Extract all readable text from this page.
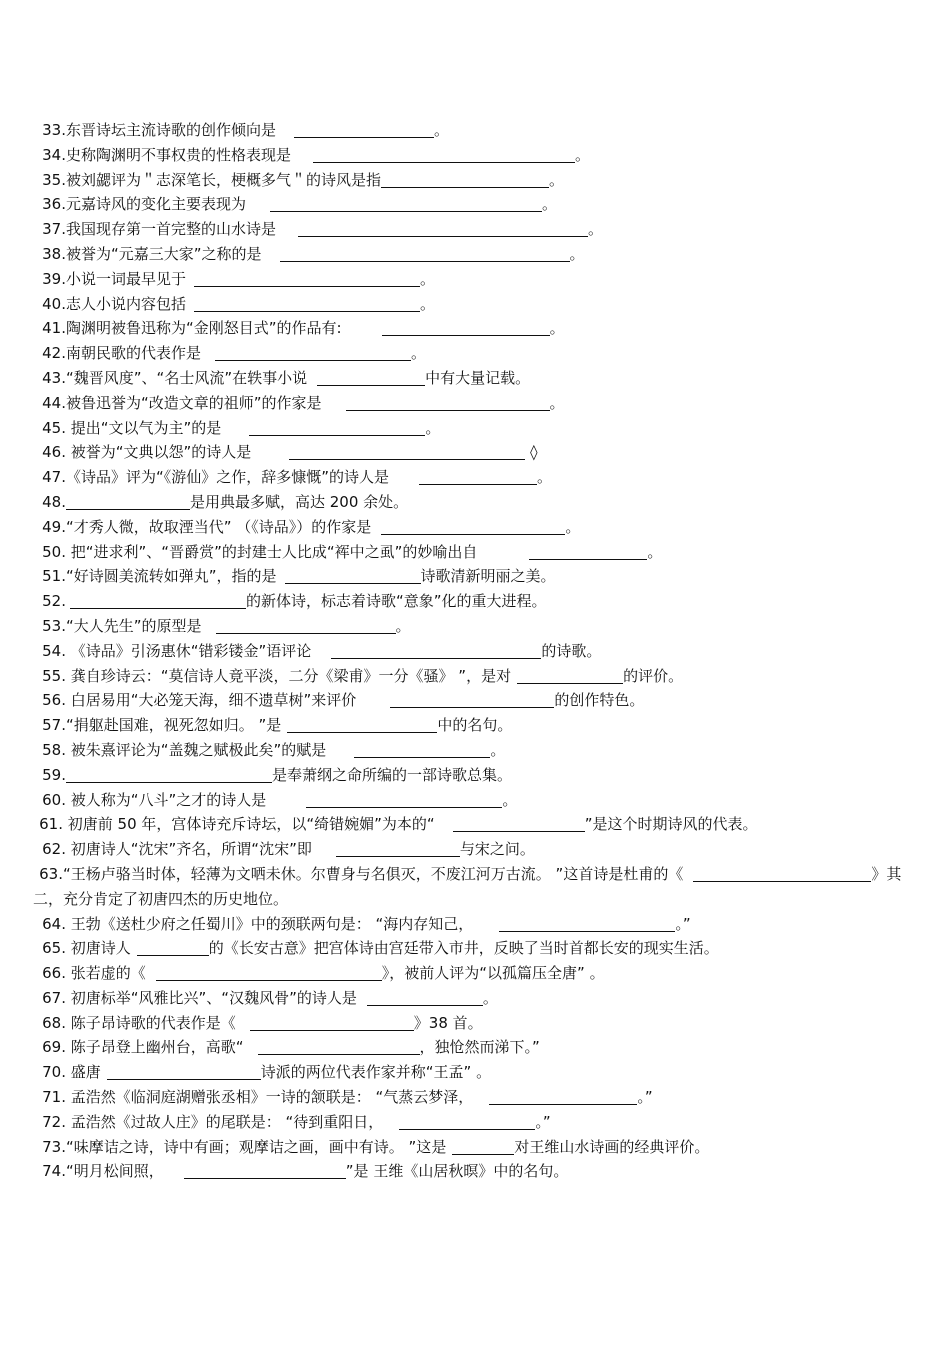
33.东晋诗坛主流诗歌的创作倾向是	。
34.史称陶渊明不事权贵的性格表现是	。
35.被刘勰评为＂志深笔长，梗概多气＂的诗风是指	。
36.元嘉诗风的变化主要表现为	。
37.我国现存第一首完整的山水诗是	。
38.被誉为“元嘉三大家”之称的是	。
39.小说一词最早见于	。
40.志人小说内容包括	。
41.陶渊明被鲁迅称为“金刚怒目式”的作品有:	。
42.南朝民歌的代表作是	。
43.“魏晋风度”、“名士风流”在轶事小说	中有大量记载。
44.被鲁迅誉为“改造文章的祖师”的作家是	。
45. 提出“文以气为主”的是	。
46. 被誉为“文典以怨”的诗人是	◊
47.《诗品》评为“《游仙》之作，辞多慷慨”的诗人是	。
48.	是用典最多赋，高达 200 余处。
49.“才秀人微，故取湮当代” （《诗品》）的作家是	。
50. 把“进求利”、“晋爵赏”的封建士人比成“裈中之虱”的妙喻出自	。
51.“好诗圆美流转如弹丸”，指的是	诗歌清新明丽之美。
52.	的新体诗，标志着诗歌“意象”化的重大进程。
53.“大人先生”的原型是	。
54. 《诗品》引汤惠休“错彩镂金”语评论	的诗歌。
55. 龚自珍诗云：“莫信诗人竟平淡，二分《梁甫》一分《骚》 ”，是对	的评价。
56. 白居易用“大必笼天海，细不遗草树”来评价	的创作特色。
57.“捐躯赴国难，视死忽如归。 ”是	中的名句。
58. 被朱熹评论为“盖魏之赋极此矣”的赋是	。
59.	是奉萧纲之命所编的一部诗歌总集。
60. 被人称为“八斗”之才的诗人是	。
61. 初唐前 50 年，宫体诗充斥诗坛，以“绮错婉媚”为本的“	”是这个时期诗风的代表。
62. 初唐诗人“沈宋”齐名，所谓“沈宋”即	与宋之问。
63.“王杨卢骆当时体，轻薄为文哂未休。尔曹身与名俱灭，不废江河万古流。 ”这首诗是杜甫的《	》其二，充分肯定了初唐四杰的历史地位。
64. 王勃《送杜少府之任蜀川》中的颈联两句是： “海内存知己，	。”
65. 初唐诗人	的《长安古意》把宫体诗由宫廷带入市井，反映了当时首都长安的现实生活。
66. 张若虚的《	》，被前人评为“以孤篇压全唐” 。
67. 初唐标举“风雅比兴”、“汉魏风骨”的诗人是	。
68. 陈子昂诗歌的代表作是《	》38 首。
69. 陈子昂登上幽州台，高歌“	，独怆然而涕下。”
70. 盛唐	诗派的两位代表作家并称“王孟” 。
71. 孟浩然《临洞庭湖赠张丞相》一诗的颔联是： “气蒸云梦泽，	。”
72. 孟浩然《过故人庄》的尾联是： “待到重阳日，	。”
73.“味摩诘之诗，诗中有画；观摩诘之画，画中有诗。 ”这是	对王维山水诗画的经典评价。
74.“明月松间照，	”是 王维《山居秋暝》中的名句。
